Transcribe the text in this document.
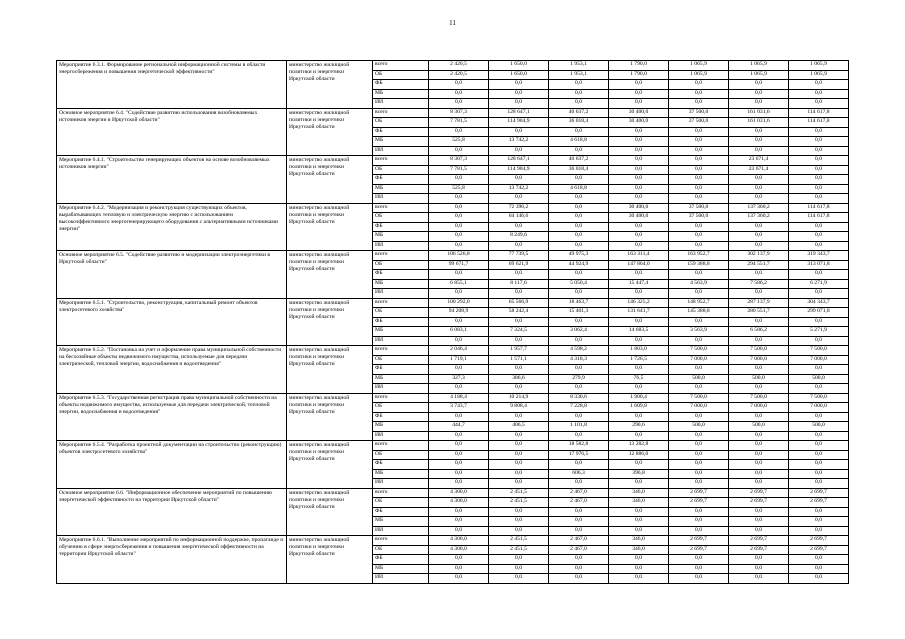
11
Мероприятие 6.3.1. Формирование региональной информационной системы в области энергосбережения и повышения энергетической эффективности"	министерство жилищной политики и энергетики Иркутской области	всего	2 420,5	1 650,0	1 953,1	1 790,0	1 065,9	1 065,9	1 065,9
		ОБ	2 420,5	1 650,0	1 953,1	1 790,0	1 065,9	1 065,9	1 065,9
		ФБ	0,0	0,0	0,0	0,0	0,0	0,0	0,0
		МБ	0,0	0,0	0,0	0,0	0,0	0,0	0,0
		ИИ	0,0	0,0	0,0	0,0	0,0	0,0	0,0
Основное мероприятие 6.4. "Содействие развитию использования возобновляемых источников энергии в Иркутской области"	министерство жилищной политики и энергетики Иркутской области	всего	8 307,3	128 647,1	40 637,2	30 400,0	37 500,0	161 031,6	114 617,8
		ОБ	7 781,5	114 904,9	36 018,4	30 400,0	37 500,0	161 031,6	114 617,8
		ФБ	0,0	0,0	0,0	0,0	0,0	0,0	0,0
		МБ	525,8	13 742,2	4 618,8	0,0	0,0	0,0	0,0
		ИИ	0,0	0,0	0,0	0,0	0,0	0,0	0,0
Мероприятие 6.4.1. "Строительство генерирующих объектов на основе возобновляемых источников энергии"	министерство жилищной политики и энергетики Иркутской области	всего	8 307,3	128 647,1	40 637,2	0,0	0,0	23 671,4	0,0
		ОБ	7 781,5	114 904,9	36 018,4	0,0	0,0	23 671,4	0,0
		ФБ	0,0	0,0	0,0	0,0	0,0	0,0	0,0
		МБ	525,8	13 742,2	4 618,8	0,0	0,0	0,0	0,0
		ИИ	0,0	0,0	0,0	0,0	0,0	0,0	0,0
Мероприятие 6.4.2. "Модернизация и реконструкция существующих объектов, вырабатывающих тепловую и электрическую энергию с использованием высокоэффективного энергогенерирующего оборудования с альтернативными источниками энергии"	министерство жилищной политики и энергетики Иркутской области	всего	0,0	72 396,2	0,0	30 400,0	37 500,0	137 360,2	114 617,8
		ОБ	0,0	64 146,6	0,0	30 400,0	37 500,0	137 360,2	114 617,8
		ФБ	0,0	0,0	0,0	0,0	0,0	0,0	0,0
		МБ	0,0	8 249,6	0,0	0,0	0,0	0,0	0,0
		ИИ	0,0	0,0	0,0	0,0	0,0	0,0	0,0
Основное мероприятие 6.5. "Содействие развитию и модернизации электроэнергетики в Иркутской области"	министерство жилищной политики и энергетики Иркутской области	всего	106 526,8	77 739,5	49 975,3	163 311,4	163 952,7	302 137,9	319 343,7
		ОБ	99 671,7	69 621,9	44 924,9	147 864,0	159 388,8	294 551,7	313 071,8
		ФБ	0,0	0,0	0,0	0,0	0,0	0,0	0,0
		МБ	6 855,1	8 117,6	5 050,4	15 447,4	4 563,9	7 586,2	6 271,9
		ИИ	0,0	0,0	0,0	0,0	0,0	0,0	0,0
Мероприятие 6.5.1. "Строительство, реконструкция, капитальный ремонт объектов электросетевого хозяйства"	министерство жилищной политики и энергетики Иркутской области	всего	100 292,0	65 566,9	18 463,7	146 325,2	148 952,7	287 137,9	304 343,7
		ОБ	94 208,9	58 242,4	15 401,3	131 641,7	145 388,8	280 551,7	299 071,8
		ФБ	0,0	0,0	0,0	0,0	0,0	0,0	0,0
		МБ	6 083,1	7 324,5	3 062,4	14 683,5	3 563,9	6 586,2	5 271,9
		ИИ	0,0	0,0	0,0	0,0	0,0	0,0	0,0
Мероприятие 6.5.2. "Постановка на учет и оформление права муниципальной собственности на бесхозяйные объекты недвижимого имущества, используемые для передачи электрической, тепловой энергии, водоснабжения и водоотведения"	министерство жилищной политики и энергетики Иркутской области	всего	2 046,4	1 957,7	4 598,2	1 803,0	7 500,0	7 500,0	7 500,0
		ОБ	1 719,1	1 571,1	4 318,3	1 726,5	7 000,0	7 000,0	7 000,0
		ФБ	0,0	0,0	0,0	0,0	0,0	0,0	0,0
		МБ	327,3	386,6	279,9	76,5	500,0	500,0	500,0
		ИИ	0,0	0,0	0,0	0,0	0,0	0,0	0,0
Мероприятие 6.5.3. "Государственная регистрация права муниципальной собственности на объекты недвижимого имущества, используемые для передачи электрической, тепловой энергии, водоснабжения и водоотведения"	министерство жилищной политики и энергетики Иркутской области	всего	4 188,4	10 214,9	8 330,6	1 900,4	7 500,0	7 500,0	7 500,0
		ОБ	3 743,7	9 808,4	7 228,8	1 609,8	7 000,0	7 000,0	7 000,0
		ФБ	0,0	0,0	0,0	0,0	0,0	0,0	0,0
		МБ	444,7	406,5	1 101,8	290,6	500,0	500,0	500,0
		ИИ	0,0	0,0	0,0	0,0	0,0	0,0	0,0
Мероприятие 6.5.4. "Разработка проектной документации на строительство (реконструкцию) объектов электросетевого хозяйства"	министерство жилищной политики и энергетики Иркутской области	всего	0,0	0,0	18 582,8	13 282,8	0,0	0,0	0,0
		ОБ	0,0	0,0	17 976,5	12 886,0	0,0	0,0	0,0
		ФБ	0,0	0,0	0,0	0,0	0,0	0,0	0,0
		МБ	0,0	0,0	606,3	396,8	0,0	0,0	0,0
		ИИ	0,0	0,0	0,0	0,0	0,0	0,0	0,0
Основное мероприятие 6.6. "Информационное обеспечение мероприятий по повышению энергетической эффективности на территории Иркутской области"	министерство жилищной политики и энергетики Иркутской области	всего	4 300,0	2 451,5	2 467,0	346,0	2 699,7	2 699,7	2 699,7
		ОБ	4 300,0	2 451,5	2 467,0	346,0	2 699,7	2 699,7	2 699,7
		ФБ	0,0	0,0	0,0	0,0	0,0	0,0	0,0
		МБ	0,0	0,0	0,0	0,0	0,0	0,0	0,0
		ИИ	0,0	0,0	0,0	0,0	0,0	0,0	0,0
Мероприятие 6.6.1. "Выполнение мероприятий по информационной поддержке, пропаганде и обучению в сфере энергосбережения и повышения энергетической эффективности на территории Иркутской области"	министерство жилищной политики и энергетики Иркутской области	всего	4 300,0	2 451,5	2 467,0	346,0	2 699,7	2 699,7	2 699,7
		ОБ	4 300,0	2 451,5	2 467,0	346,0	2 699,7	2 699,7	2 699,7
		ФБ	0,0	0,0	0,0	0,0	0,0	0,0	0,0
		МБ	0,0	0,0	0,0	0,0	0,0	0,0	0,0
		ИИ	0,0	0,0	0,0	0,0	0,0	0,0	0,0
